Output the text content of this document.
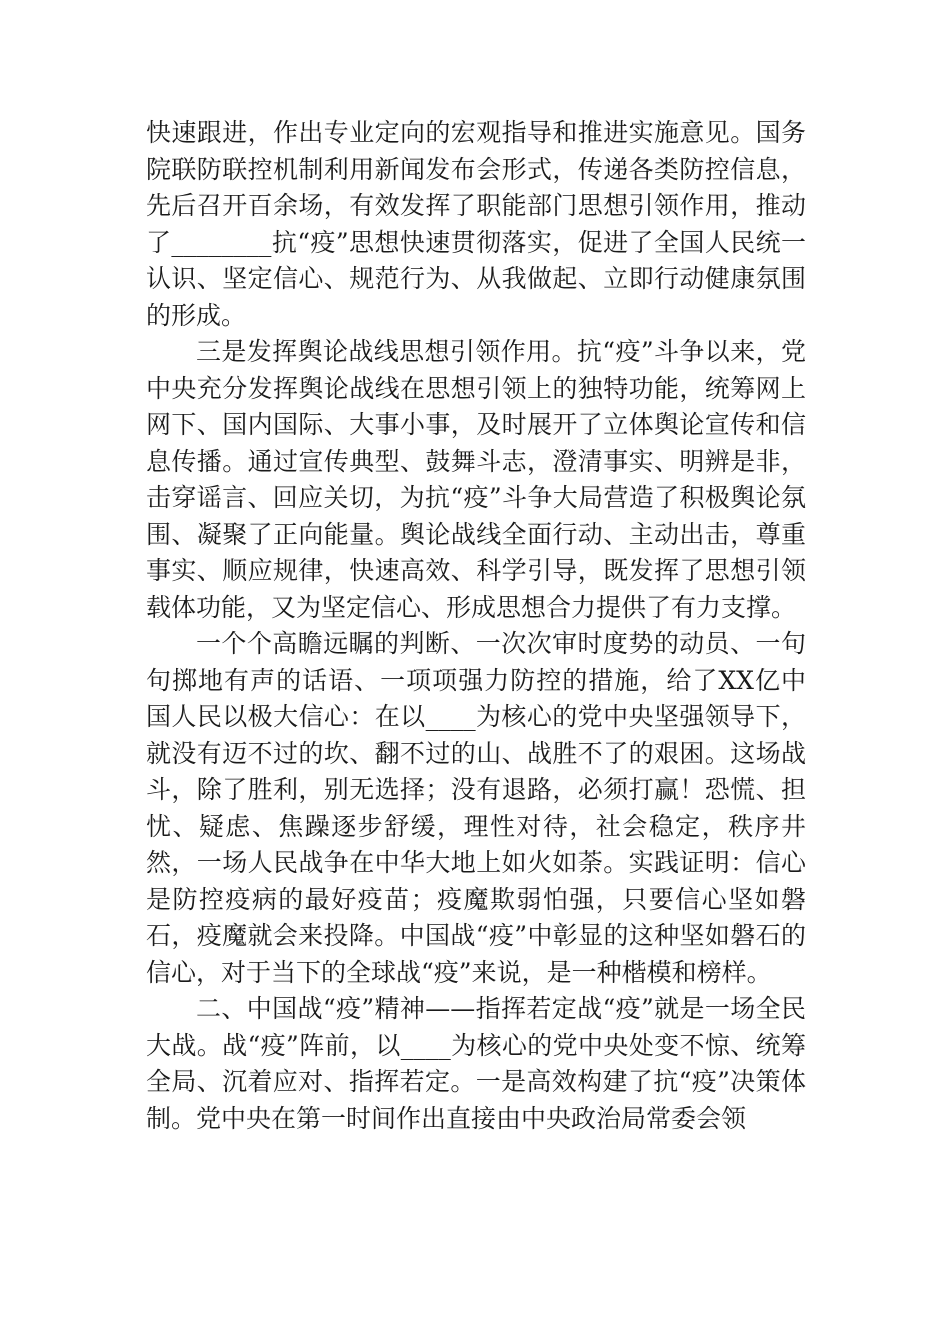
快速跟进，作出专业定向的宏观指导和推进实施意见。国务院联防联控机制利用新闻发布会形式，传递各类防控信息，先后召开百余场，有效发挥了职能部门思想引领作用，推动了________抗“疫”思想快速贯彻落实，促进了全国人民统一认识、坚定信心、规范行为、从我做起、立即行动健康氛围的形成。

三是发挥舆论战线思想引领作用。抗“疫”斗争以来，党中央充分发挥舆论战线在思想引领上的独特功能，统筹网上网下、国内国际、大事小事，及时展开了立体舆论宣传和信息传播。通过宣传典型、鼓舞斗志，澄清事实、明辨是非，击穿谣言、回应关切，为抗“疫”斗争大局营造了积极舆论氛围、凝聚了正向能量。舆论战线全面行动、主动出击，尊重事实、顺应规律，快速高效、科学引导，既发挥了思想引领载体功能，又为坚定信心、形成思想合力提供了有力支撑。

一个个高瞻远瞩的判断、一次次审时度势的动员、一句句掷地有声的话语、一项项强力防控的措施，给了XX亿中国人民以极大信心：在以____为核心的党中央坚强领导下，就没有迈不过的坎、翻不过的山、战胜不了的艰困。这场战斗，除了胜利，别无选择；没有退路，必须打赢！恐慌、担忧、疑虑、焦躁逐步舒缓，理性对待，社会稳定，秩序井然，一场人民战争在中华大地上如火如荼。实践证明：信心是防控疫病的最好疫苗；疫魔欺弱怕强，只要信心坚如磐石，疫魔就会来投降。中国战“疫”中彰显的这种坚如磐石的信心，对于当下的全球战“疫”来说，是一种楷模和榜样。

二、中国战“疫”精神——指挥若定战“疫”就是一场全民大战。战“疫”阵前，以____为核心的党中央处变不惊、统筹全局、沉着应对、指挥若定。一是高效构建了抗“疫”决策体制。党中央在第一时间作出直接由中央政治局常委会领
